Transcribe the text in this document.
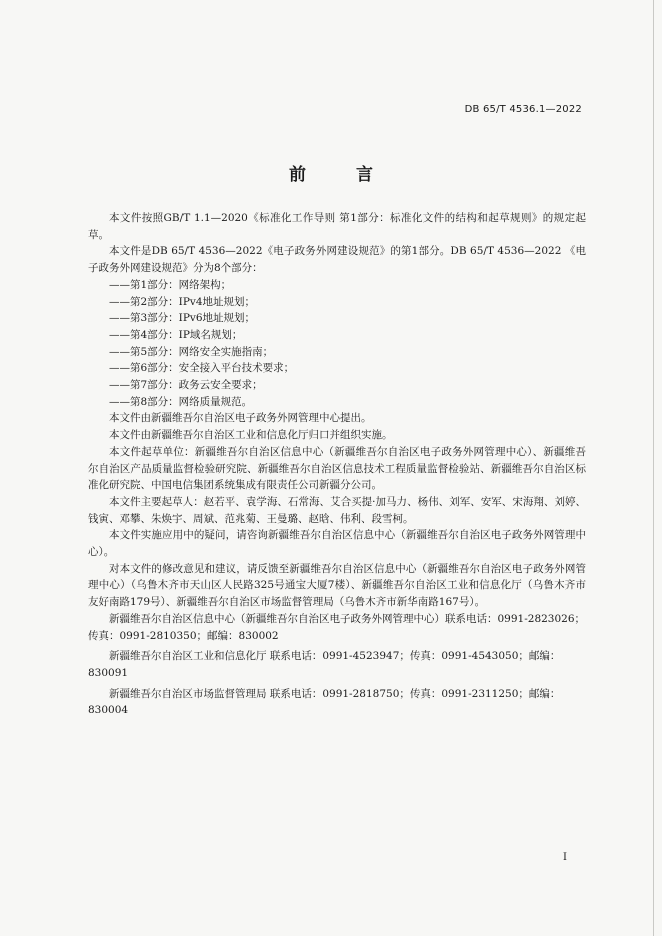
DB 65/T 4536.1—2022
前 言

本文件按照GB/T 1.1—2020《标准化工作导则 第1部分：标准化文件的结构和起草规则》的规定起草。

本文件是DB 65/T 4536—2022《电子政务外网建设规范》的第1部分。DB 65/T 4536—2022 《电子政务外网建设规范》分为8个部分：

——第1部分：网络架构；

——第2部分：IPv4地址规划；

——第3部分：IPv6地址规划；

——第4部分：IP域名规划；

——第5部分：网络安全实施指南；

——第6部分：安全接入平台技术要求；

——第7部分：政务云安全要求；

——第8部分：网络质量规范。

本文件由新疆维吾尔自治区电子政务外网管理中心提出。

本文件由新疆维吾尔自治区工业和信息化厅归口并组织实施。

本文件起草单位：新疆维吾尔自治区信息中心（新疆维吾尔自治区电子政务外网管理中心）、新疆维吾尔自治区产品质量监督检验研究院、新疆维吾尔自治区信息技术工程质量监督检验站、新疆维吾尔自治区标准化研究院、中国电信集团系统集成有限责任公司新疆分公司。

本文件主要起草人：赵若平、袁学海、石常海、艾合买提·加马力、杨伟、刘军、安军、宋海翔、刘婷、钱寅、邓攀、朱焕宇、周斌、范兆菊、王曼璐、赵晗、伟利、段雪柯。

本文件实施应用中的疑问，请咨询新疆维吾尔自治区信息中心（新疆维吾尔自治区电子政务外网管理中心）。

对本文件的修改意见和建议，请反馈至新疆维吾尔自治区信息中心（新疆维吾尔自治区电子政务外网管理中心）（乌鲁木齐市天山区人民路325号通宝大厦7楼）、新疆维吾尔自治区工业和信息化厅（乌鲁木齐市友好南路179号）、新疆维吾尔自治区市场监督管理局（乌鲁木齐市新华南路167号）。

新疆维吾尔自治区信息中心（新疆维吾尔自治区电子政务外网管理中心）联系电话：0991-2823026；传真：0991-2810350；邮编：830002

新疆维吾尔自治区工业和信息化厅 联系电话：0991-4523947；传真：0991-4543050；邮编：830091

新疆维吾尔自治区市场监督管理局 联系电话：0991-2818750；传真：0991-2311250；邮编：830004

I
